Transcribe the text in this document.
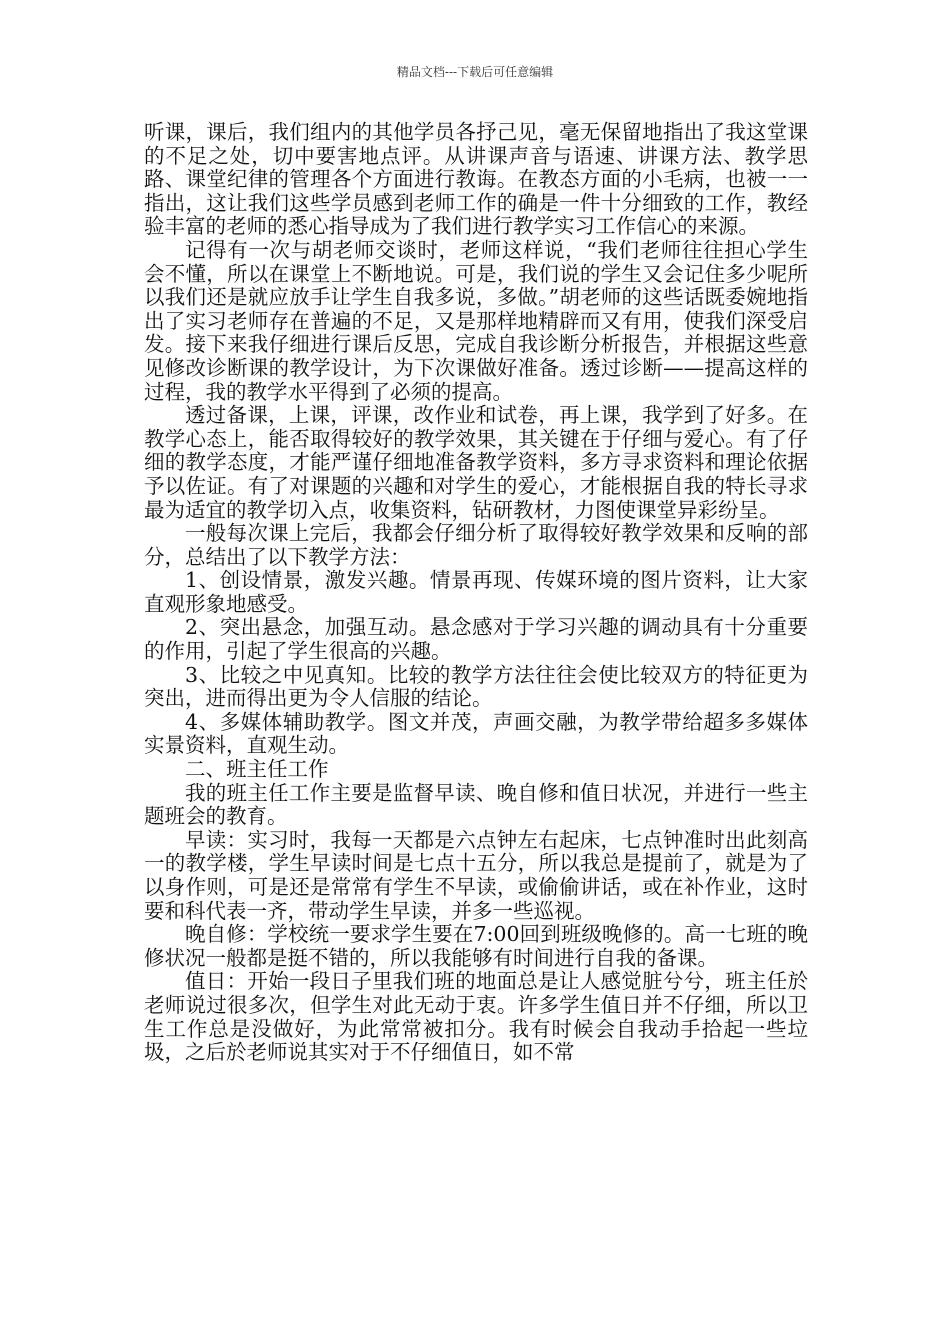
精品文档---下载后可任意编辑

听课，课后，我们组内的其他学员各抒己见，毫无保留地指出了我这堂课的不足之处，切中要害地点评。从讲课声音与语速、讲课方法、教学思路、课堂纪律的管理各个方面进行教诲。在教态方面的小毛病，也被一一指出，这让我们这些学员感到老师工作的确是一件十分细致的工作，教经验丰富的老师的悉心指导成为了我们进行教学实习工作信心的来源。

记得有一次与胡老师交谈时，老师这样说，“我们老师往往担心学生会不懂，所以在课堂上不断地说。可是，我们说的学生又会记住多少呢所以我们还是就应放手让学生自我多说，多做。”胡老师的这些话既委婉地指出了实习老师存在普遍的不足，又是那样地精辟而又有用，使我们深受启发。接下来我仔细进行课后反思，完成自我诊断分析报告，并根据这些意见修改诊断课的教学设计，为下次课做好准备。透过诊断——提高这样的过程，我的教学水平得到了必须的提高。

透过备课，上课，评课，改作业和试卷，再上课，我学到了好多。在教学心态上，能否取得较好的教学效果，其关键在于仔细与爱心。有了仔细的教学态度，才能严谨仔细地准备教学资料，多方寻求资料和理论依据予以佐证。有了对课题的兴趣和对学生的爱心，才能根据自我的特长寻求最为适宜的教学切入点，收集资料，钻研教材，力图使课堂异彩纷呈。

一般每次课上完后，我都会仔细分析了取得较好教学效果和反响的部分，总结出了以下教学方法：

1、创设情景，激发兴趣。情景再现、传媒环境的图片资料，让大家直观形象地感受。

2、突出悬念，加强互动。悬念感对于学习兴趣的调动具有十分重要的作用，引起了学生很高的兴趣。

3、比较之中见真知。比较的教学方法往往会使比较双方的特征更为突出，进而得出更为令人信服的结论。

4、多媒体辅助教学。图文并茂，声画交融，为教学带给超多多媒体实景资料，直观生动。

二、班主任工作

我的班主任工作主要是监督早读、晚自修和值日状况，并进行一些主题班会的教育。

早读：实习时，我每一天都是六点钟左右起床，七点钟准时出此刻高一的教学楼，学生早读时间是七点十五分，所以我总是提前了，就是为了以身作则，可是还是常常有学生不早读，或偷偷讲话，或在补作业，这时要和科代表一齐，带动学生早读，并多一些巡视。

晚自修：学校统一要求学生要在7:00回到班级晚修的。高一七班的晚修状况一般都是挺不错的，所以我能够有时间进行自我的备课。

值日：开始一段日子里我们班的地面总是让人感觉脏兮兮，班主任於老师说过很多次，但学生对此无动于衷。许多学生值日并不仔细，所以卫生工作总是没做好，为此常常被扣分。我有时候会自我动手拾起一些垃圾，之后於老师说其实对于不仔细值日，如不常
